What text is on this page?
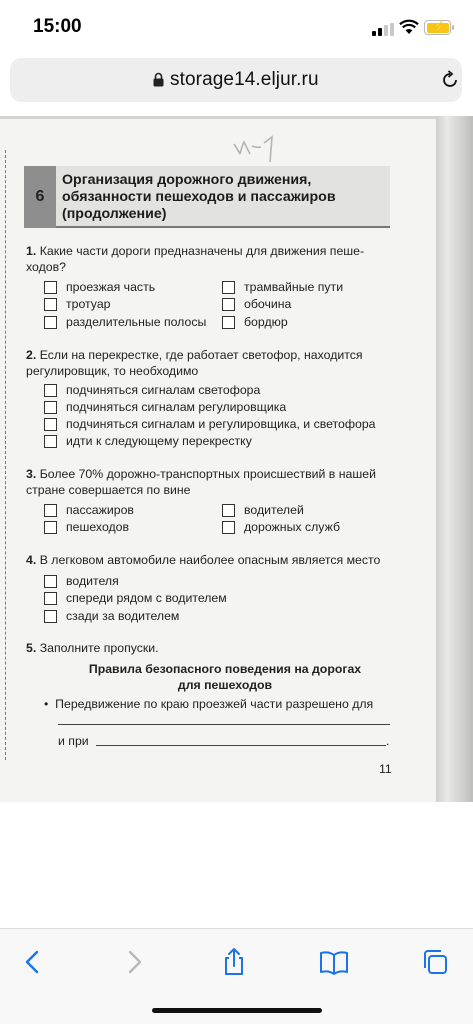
15:00	⚡
storage14.eljur.ru
6
Организация дорожного движения, обязанности пешеходов и пассажиров (продолжение)
1. Какие части дороги предназначены для движения пеше-ходов?
проезжая часть	трамвайные пути
тротуар	обочина
разделительные полосы	бордюр
2. Если на перекрестке, где работает светофор, находится регулировщик, то необходимо
подчиняться сигналам светофора
подчиняться сигналам регулировщика
подчиняться сигналам и регулировщика, и светофора
идти к следующему перекрестку
3. Более 70% дорожно-транспортных происшествий в нашей стране совершается по вине
пассажиров	водителей
пешеходов	дорожных служб
4. В легковом автомобиле наиболее опасным является место
водителя
спереди рядом с водителем
сзади за водителем
5. Заполните пропуски.
Правила безопасного поведения на дорогах
для пешеходов
•  Передвижение по краю проезжей части разрешено для
и при	.
11
